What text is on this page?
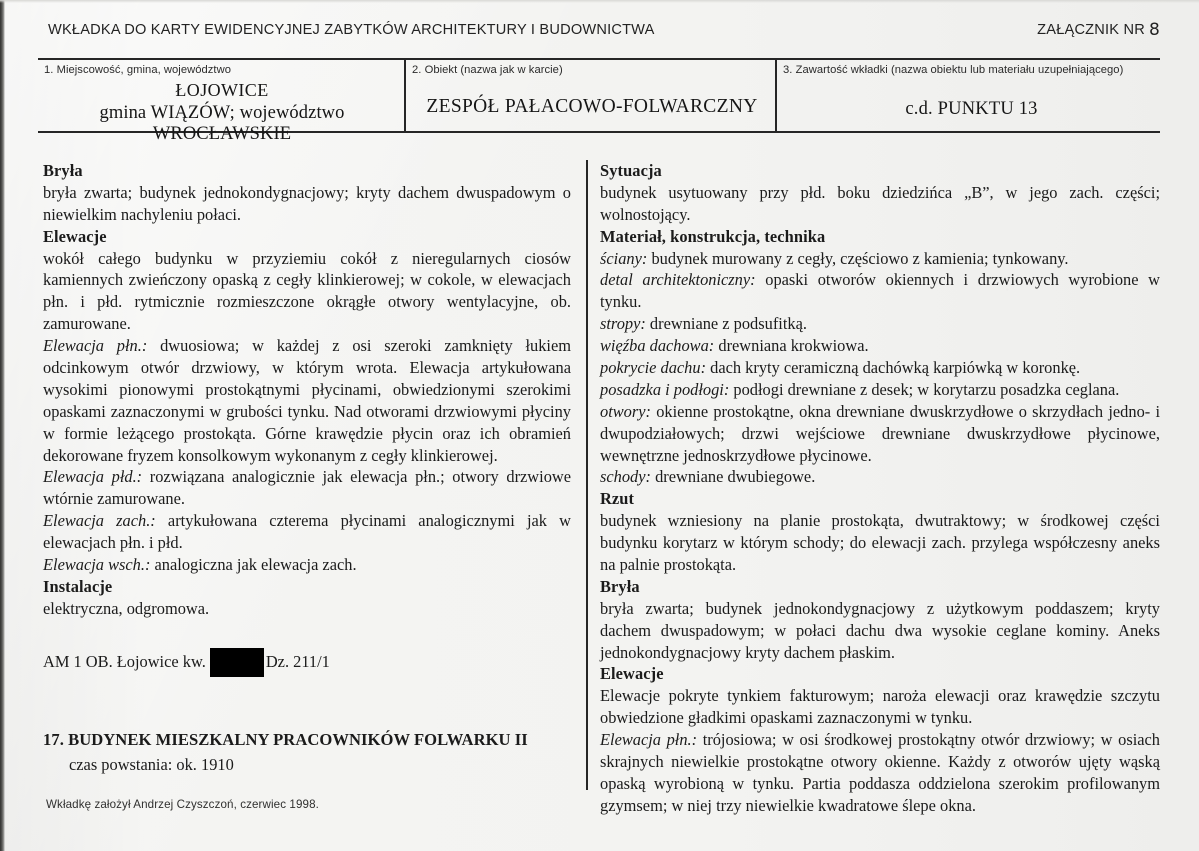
WKŁADKA DO KARTY EWIDENCYJNEJ ZABYTKÓW ARCHITEKTURY I BUDOWNICTWA	ZAŁĄCZNIK NR 8
1. Miejscowość, gmina, województwo
ŁOJOWICE
gmina WIĄZÓW; województwo WROCŁAWSKIE
2. Obiekt (nazwa jak w karcie)
ZESPÓŁ PAŁACOWO-FOLWARCZNY
3. Zawartość wkładki (nazwa obiektu lub materiału uzupełniającego)
c.d. PUNKTU 13

Bryła

bryła zwarta; budynek jednokondygnacjowy; kryty dachem dwuspadowym o niewielkim nachyleniu połaci.

Elewacje

wokół całego budynku w przyziemiu cokół z nieregularnych ciosów kamiennych zwieńczony opaską z cegły klinkierowej; w cokole, w elewacjach płn. i płd. rytmicznie rozmieszczone okrągłe otwory wentylacyjne, ob. zamurowane.

Elewacja płn.: dwuosiowa; w każdej z osi szeroki zamknięty łukiem odcinkowym otwór drzwiowy, w którym wrota. Elewacja artykułowana wysokimi pionowymi prostokątnymi płycinami, obwiedzionymi szerokimi opaskami zaznaczonymi w grubości tynku. Nad otworami drzwiowymi płyciny w formie leżącego prostokąta. Górne krawędzie płycin oraz ich obramień dekorowane fryzem konsolkowym wykonanym z cegły klinkierowej.

Elewacja płd.: rozwiązana analogicznie jak elewacja płn.; otwory drzwiowe wtórnie zamurowane.

Elewacja zach.: artykułowana czterema płycinami analogicznymi jak w elewacjach płn. i płd.

Elewacja wsch.: analogiczna jak elewacja zach.

Instalacje

elektryczna, odgromowa.

AM 1 OB. Łojowice kw.	Dz. 211/1

17. BUDYNEK MIESZKALNY PRACOWNIKÓW FOLWARKU II

czas powstania: ok. 1910

Sytuacja

budynek usytuowany przy płd. boku dziedzińca „B”, w jego zach. części; wolnostojący.

Materiał, konstrukcja, technika

ściany: budynek murowany z cegły, częściowo z kamienia; tynkowany.

detal architektoniczny: opaski otworów okiennych i drzwiowych wyrobione w tynku.

stropy: drewniane z podsufitką.

więźba dachowa: drewniana krokwiowa.

pokrycie dachu: dach kryty ceramiczną dachówką karpiówką w koronkę.

posadzka i podłogi: podłogi drewniane z desek; w korytarzu posadzka ceglana.

otwory: okienne prostokątne, okna drewniane dwuskrzydłowe o skrzydłach jedno- i dwupodziałowych; drzwi wejściowe drewniane dwuskrzydłowe płycinowe, wewnętrzne jednoskrzydłowe płycinowe.

schody: drewniane dwubiegowe.

Rzut

budynek wzniesiony na planie prostokąta, dwutraktowy; w środkowej części budynku korytarz w którym schody; do elewacji zach. przylega współczesny aneks na palnie prostokąta.

Bryła

bryła zwarta; budynek jednokondygnacjowy z użytkowym poddaszem; kryty dachem dwuspadowym; w połaci dachu dwa wysokie ceglane kominy. Aneks jednokondygnacjowy kryty dachem płaskim.

Elewacje

Elewacje pokryte tynkiem fakturowym; naroża elewacji oraz krawędzie szczytu obwiedzione gładkimi opaskami zaznaczonymi w tynku.

Elewacja płn.: trójosiowa; w osi środkowej prostokątny otwór drzwiowy; w osiach skrajnych niewielkie prostokątne otwory okienne. Każdy z otworów ujęty wąską opaską wyrobioną w tynku. Partia poddasza oddzielona szerokim profilowanym gzymsem; w niej trzy niewielkie kwadratowe ślepe okna.

Wkładkę założył Andrzej Czyszczoń, czerwiec 1998.
